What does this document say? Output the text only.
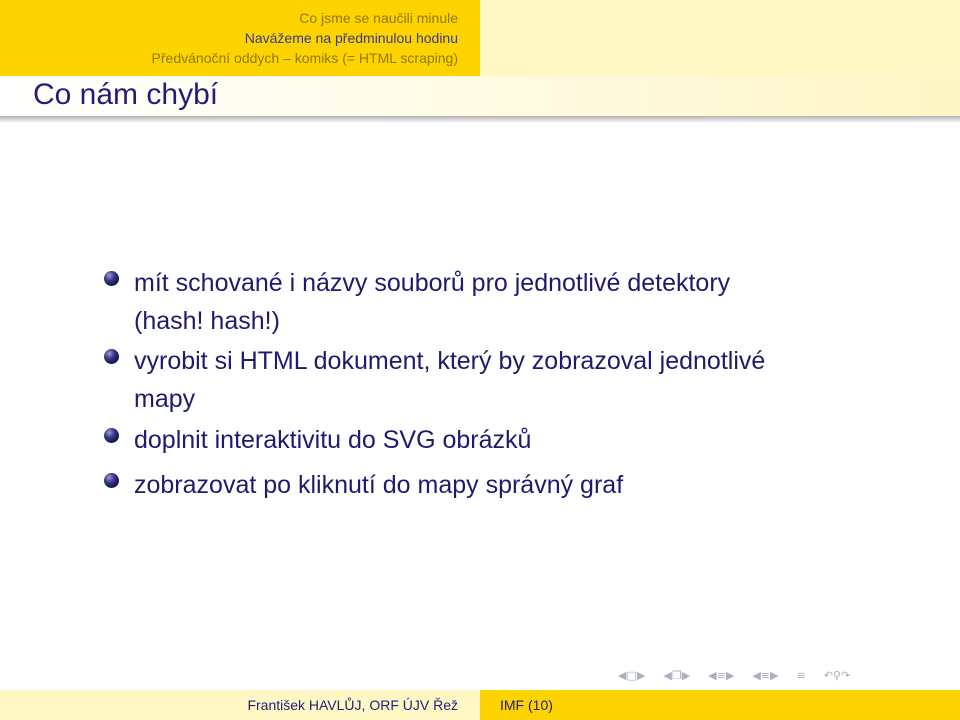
Co jsme se naučili minule
Navážeme na předminulou hodinu
Předvánoční oddych – komiks (= HTML scraping)
Co nám chybí
mít schované i názvy souborů pro jednotlivé detektory
(hash! hash!)
vyrobit si HTML dokument, který by zobrazoval jednotlivé
mapy
doplnit interaktivitu do SVG obrázků
zobrazovat po kliknutí do mapy správný graf
◀ □ ▶ ◀ ❐ ▶ ◀ ≡ ▶ ◀ ≡ ▶ ≡ ↶ ⚲ ↷
František HAVLŮJ, ORF ÚJV Řež	IMF (10)
